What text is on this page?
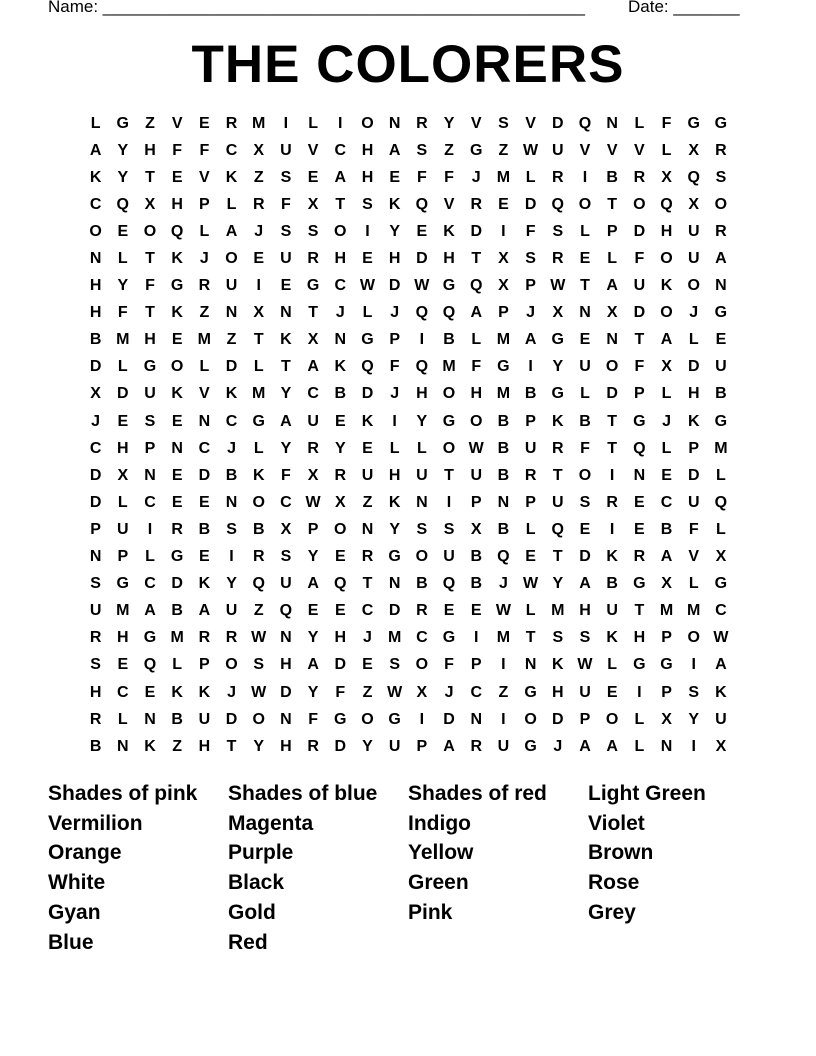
Name: ___________________________________________________	Date: _______
THE COLORERS
L	G	Z	V	E	R M	I	L	I	O N R	Y	V	S	V	D Q N	L	F	G G
A	Y	H	F	F	C	X	U	V	C H A	S	Z	G	Z W U	V	V	V	L	X	R
K	Y	T	E	V	K	Z	S	E	A H	E	F	F	J	M L	R	I	B R	X Q S
C Q X	H	P	L	R	F	X	T	S	K Q V	R	E	D Q O	T	O Q X O
O E O Q	L	A	J	S	S O	I	Y	E	K D	I	F	S	L	P	D H U R
N	L	T	K	J	O E	U R H	E	H D H	T	X	S	R	E	L	F	O U A
H	Y	F	G R U	I	E G C W D W G Q X	P W T	A U K O N
H	F	T	K	Z	N	X	N	T	J	L	J	Q Q A	P	J	X	N	X	D O	J	G
B M H	E M Z	T	K	X	N G P	I	B	L M A G E	N	T	A	L	E
D	L	G O	L	D	L	T	A K Q	F	Q M F	G	I	Y	U O	F	X	D U
X	D U K	V	K M Y	C B D	J	H O H M B G	L	D	P	L	H B
J	E	S	E	N C G A U	E	K	I	Y G O B	P	K B	T	G	J	K G
C H	P	N C	J	L	Y	R	Y	E	L	L	O W B U R	F	T	Q	L	P M
D	X	N	E	D B K	F	X	R U H U	T	U B R	T	O	I	N	E	D	L
D	L	C	E	E	N O C W X	Z	K N	I	P	N	P	U	S	R	E	C U Q
P	U	I	R B	S	B	X	P O N	Y	S	S	X	B	L	Q E	I	E	B	F	L
N	P	L	G E	I	R	S	Y	E	R G O U B Q E	T	D K R A	V	X
S G C D K	Y Q U A Q	T	N B Q B	J W Y	A B G X	L	G
U M A B A U	Z	Q E	E	C D R	E	E W L M H U	T M M C
R H G M R R W N	Y	H	J	M C G	I	M T	S	S	K H	P O W
S	E Q	L	P O S	H A D	E	S O	F	P	I	N K W L	G G	I	A
H C	E	K K	J W D	Y	F	Z W X	J	C	Z	G H U	E	I	P	S	K
R	L	N B U D O N	F	G O G	I	D N	I	O D	P O	L	X	Y	U
B N K	Z	H	T	Y	H R D	Y	U	P	A R U G	J	A A	L	N	I	X
Shades of pink
Vermilion
Orange
White
Gyan
Blue
Shades of blue
Magenta
Purple
Black
Gold
Red
Shades of red
Indigo
Yellow
Green
Pink
Light Green
Violet
Brown
Rose
Grey
